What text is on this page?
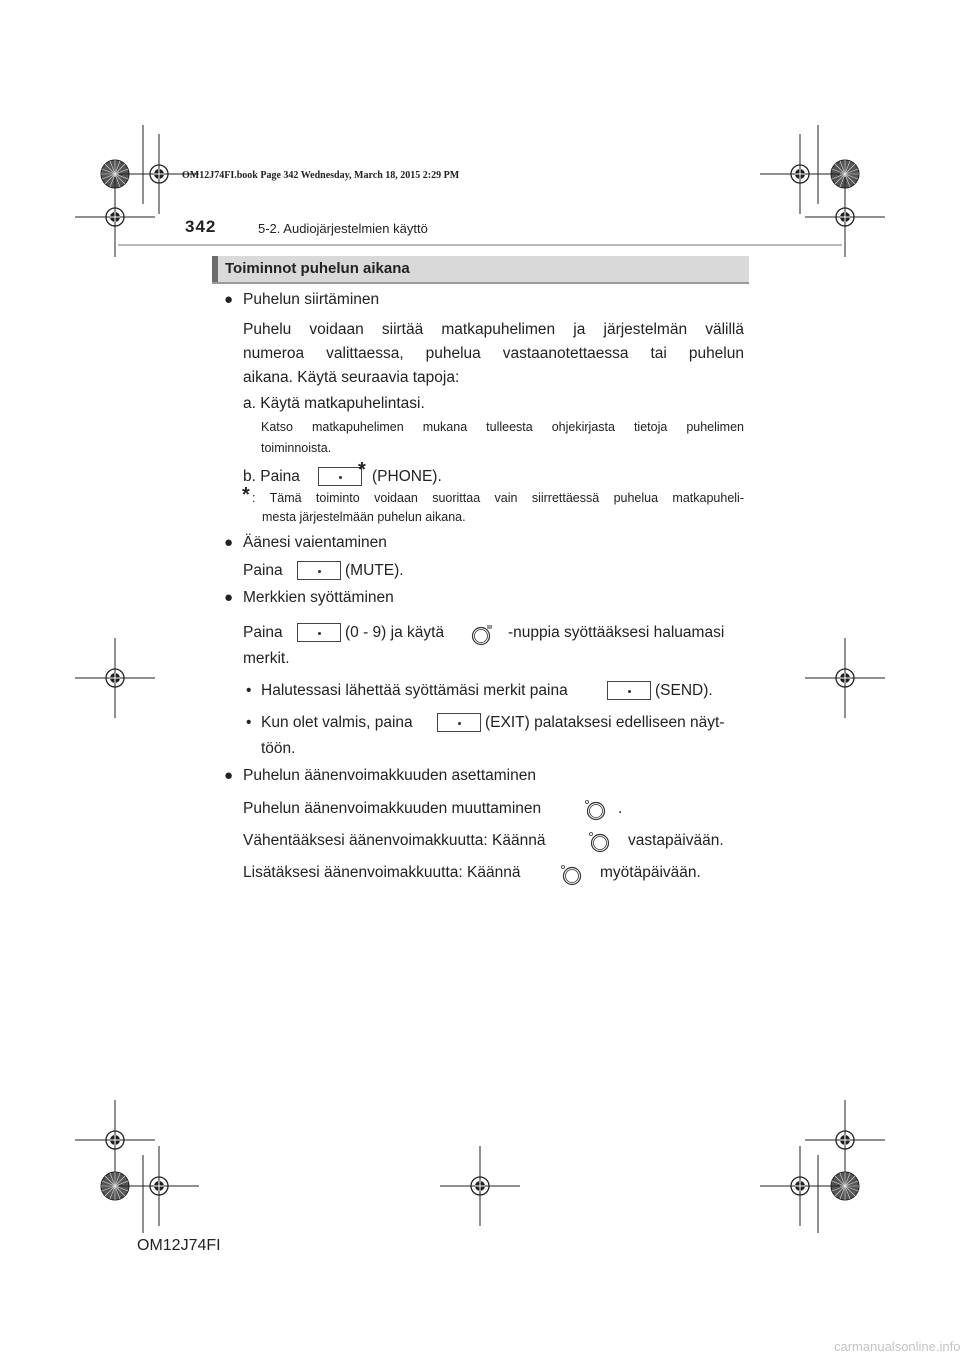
OM12J74FI.book Page 342 Wednesday, March 18, 2015 2:29 PM
342	5-2. Audiojärjestelmien käyttö
Toiminnot puhelun aikana
● Puhelun siirtäminen
Puhelu voidaan siirtää matkapuhelimen ja järjestelmän välillä
numeroa valittaessa, puhelua vastaanotettaessa tai puhelun
aikana. Käytä seuraavia tapoja:
a. Käytä matkapuhelintasi.
Katso matkapuhelimen mukana tulleesta ohjekirjasta tietoja puhelimen
toiminnoista.
b. Paina	* (PHONE).
* : Tämä toiminto voidaan suorittaa vain siirrettäessä puhelua matkapuheli-
mesta järjestelmään puhelun aikana.
● Äänesi vaientaminen
Paina	(MUTE).
● Merkkien syöttäminen
Paina	(0 - 9) ja käytä	-nuppia syöttääksesi haluamasi
merkit.
• Halutessasi lähettää syöttämäsi merkit paina	(SEND).
• Kun olet valmis, paina	(EXIT) palataksesi edelliseen näyt-
töön.
● Puhelun äänenvoimakkuuden asettaminen
Puhelun äänenvoimakkuuden muuttaminen	.
Vähentääksesi äänenvoimakkuutta: Käännä	vastapäivään.
Lisätäksesi äänenvoimakkuutta: Käännä	myötäpäivään.
OM12J74FI
carmanualsonline.info
